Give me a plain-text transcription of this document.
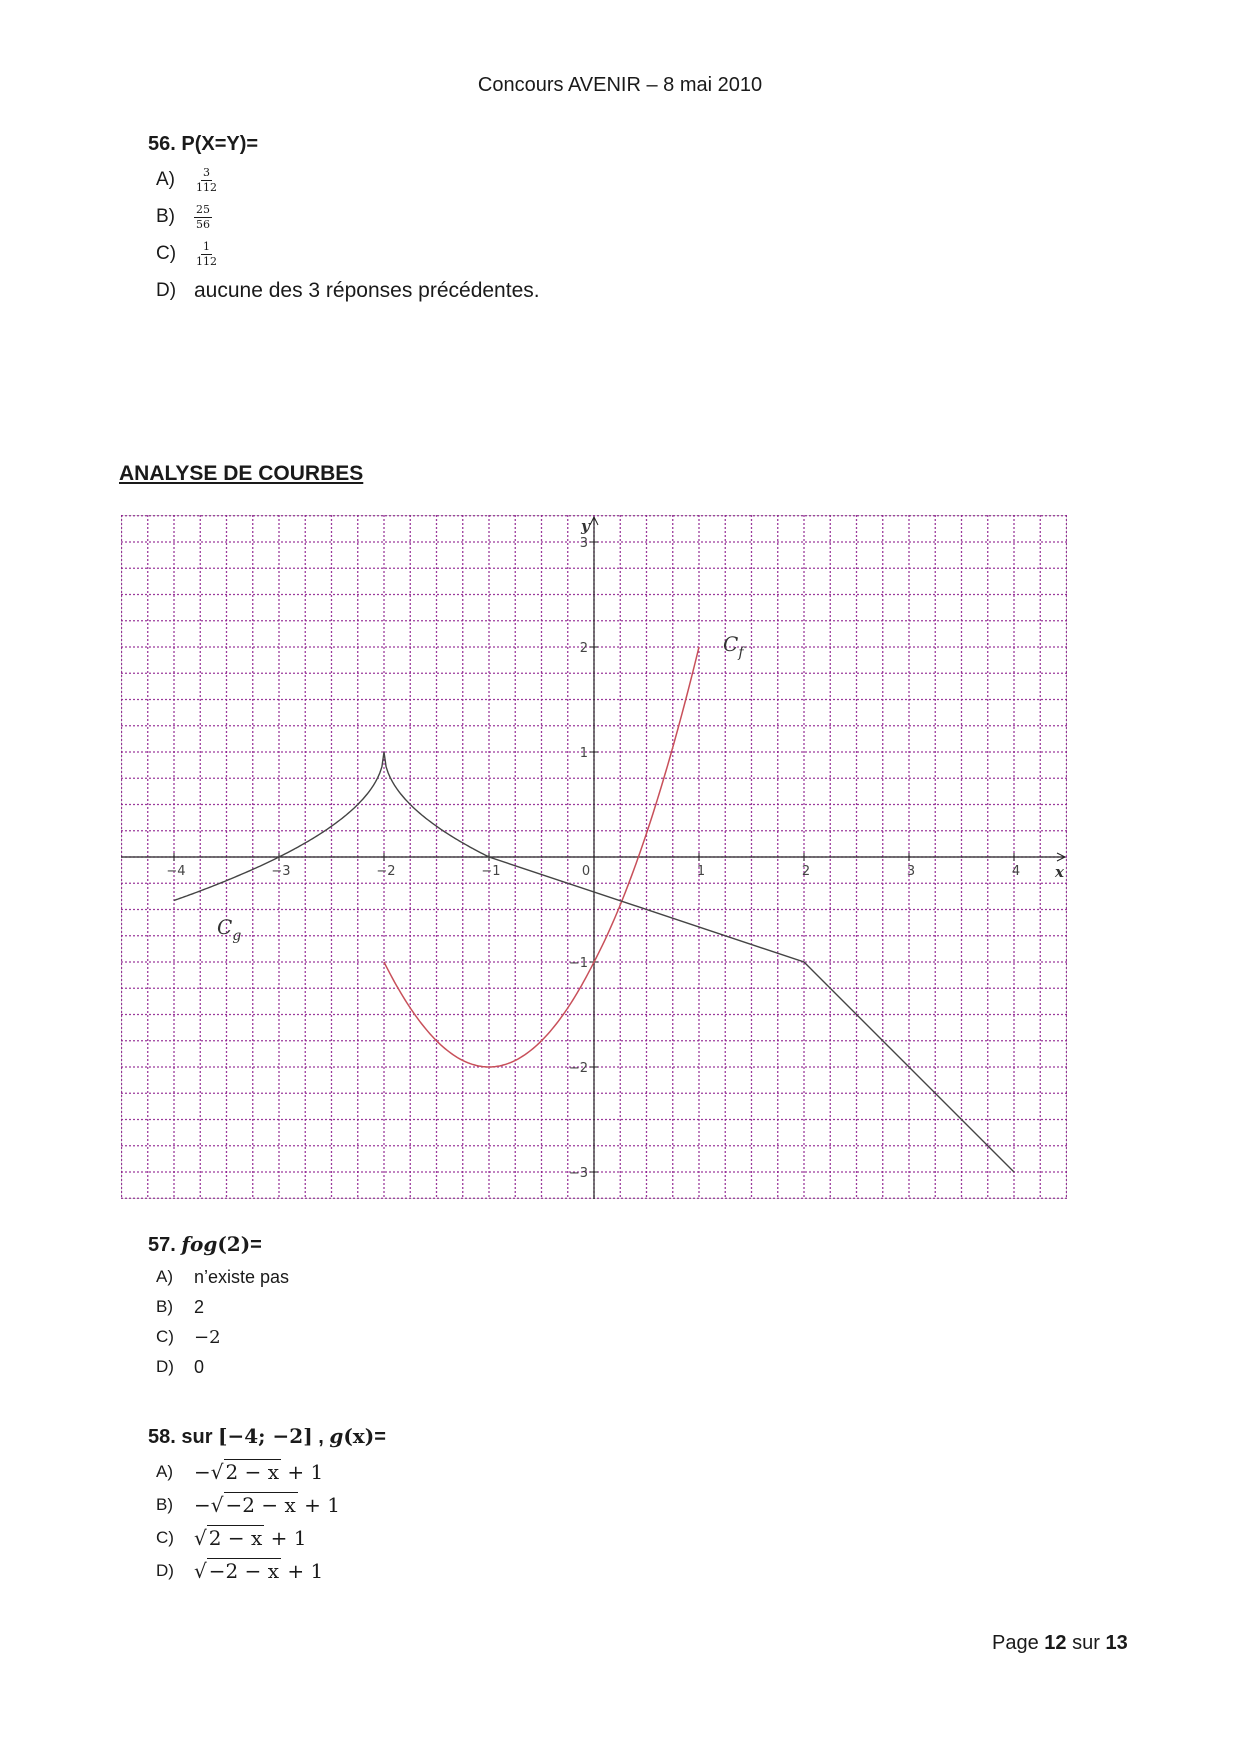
Concours AVENIR – 8 mai 2010
56. P(X=Y)=
A)	$\frac{3}{112}$
B)	$\frac{25}{56}$
C)	$\frac{1}{112}$
D) aucune des 3 réponses précédentes.
ANALYSE DE COURBES
−4	−3	−2	−1	0	1	2	3	4
3
2
1
−1
−2
−3
$C_f$
$C_g$
x
y
57. fog(2)=
A)	n’existe pas
B)	2
C)	−2
D)	0
58. sur [−4; −2] , g(x)=
A)	−√ 2 − x + 1
B)	−√ −2 − x + 1
C)	√ 2 − x + 1
D)	√ −2 − x + 1
Page 12 sur 13
